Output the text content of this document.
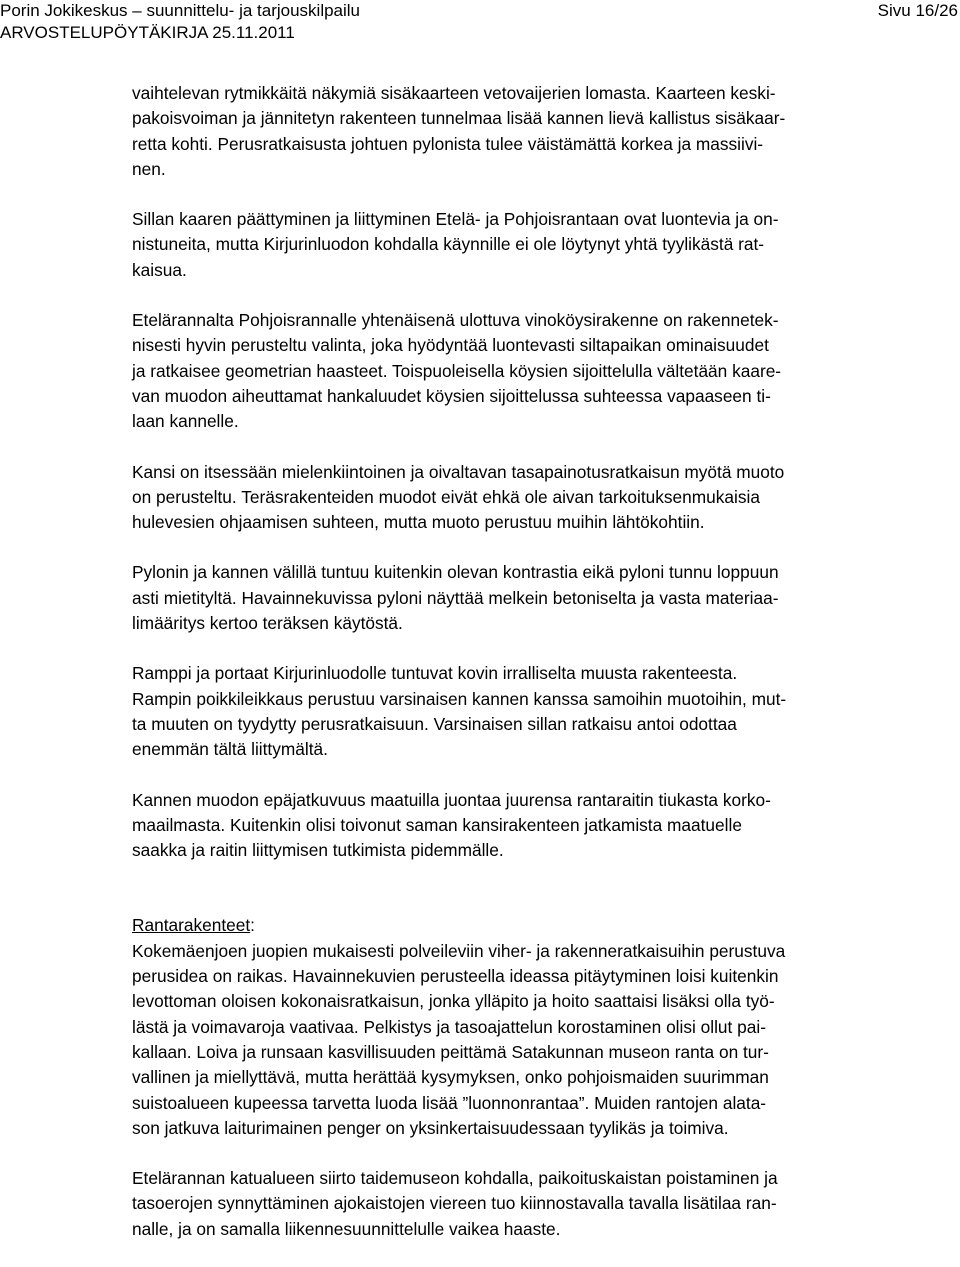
Porin Jokikeskus – suunnittelu- ja tarjouskilpailu
ARVOSTELUPÖYTÄKIRJA 25.11.2011
Sivu 16/26

vaihtelevan rytmikkäitä näkymiä sisäkaarteen vetovaijerien lomasta. Kaarteen keski-
pakoisvoiman ja jännitetyn rakenteen tunnelmaa lisää kannen lievä kallistus sisäkaar-
retta kohti. Perusratkaisusta johtuen pylonista tulee väistämättä korkea ja massiivi-
nen.

Sillan kaaren päättyminen ja liittyminen Etelä- ja Pohjoisrantaan ovat luontevia ja on-
nistuneita, mutta Kirjurinluodon kohdalla käynnille ei ole löytynyt yhtä tyylikästä rat-
kaisua.

Etelärannalta Pohjoisrannalle yhtenäisenä ulottuva vinoköysirakenne on rakennetek-
nisesti hyvin perusteltu valinta, joka hyödyntää luontevasti siltapaikan ominaisuudet
ja ratkaisee geometrian haasteet. Toispuoleisella köysien sijoittelulla vältetään kaare-
van muodon aiheuttamat hankaluudet köysien sijoittelussa suhteessa vapaaseen ti-
laan kannelle.

Kansi on itsessään mielenkiintoinen ja oivaltavan tasapainotusratkaisun myötä muoto
on perusteltu. Teräsrakenteiden muodot eivät ehkä ole aivan tarkoituksenmukaisia
hulevesien ohjaamisen suhteen, mutta muoto perustuu muihin lähtökohtiin.

Pylonin ja kannen välillä tuntuu kuitenkin olevan kontrastia eikä pyloni tunnu loppuun
asti mietityltä. Havainnekuvissa pyloni näyttää melkein betoniselta ja vasta materiaa-
limääritys kertoo teräksen käytöstä.

Ramppi ja portaat Kirjurinluodolle tuntuvat kovin irralliselta muusta rakenteesta.
Rampin poikkileikkaus perustuu varsinaisen kannen kanssa samoihin muotoihin, mut-
ta muuten on tyydytty perusratkaisuun. Varsinaisen sillan ratkaisu antoi odottaa
enemmän tältä liittymältä.

Kannen muodon epäjatkuvuus maatuilla juontaa juurensa rantaraitin tiukasta korko-
maailmasta. Kuitenkin olisi toivonut saman kansirakenteen jatkamista maatuelle
saakka ja raitin liittymisen tutkimista pidemmälle.

Rantarakenteet:

Kokemäenjoen juopien mukaisesti polveileviin viher- ja rakenneratkaisuihin perustuva
perusidea on raikas. Havainnekuvien perusteella ideassa pitäytyminen loisi kuitenkin
levottoman oloisen kokonaisratkaisun, jonka ylläpito ja hoito saattaisi lisäksi olla työ-
lästä ja voimavaroja vaativaa. Pelkistys ja tasoajattelun korostaminen olisi ollut pai-
kallaan. Loiva ja runsaan kasvillisuuden peittämä Satakunnan museon ranta on tur-
vallinen ja miellyttävä, mutta herättää kysymyksen, onko pohjoismaiden suurimman
suistoalueen kupeessa tarvetta luoda lisää ”luonnonrantaa”. Muiden rantojen alata-
son jatkuva laiturimainen penger on yksinkertaisuudessaan tyylikäs ja toimiva.

Etelärannan katualueen siirto taidemuseon kohdalla, paikoituskaistan poistaminen ja
tasoerojen synnyttäminen ajokaistojen viereen tuo kiinnostavalla tavalla lisätilaa ran-
nalle, ja on samalla liikennesuunnittelulle vaikea haaste.
